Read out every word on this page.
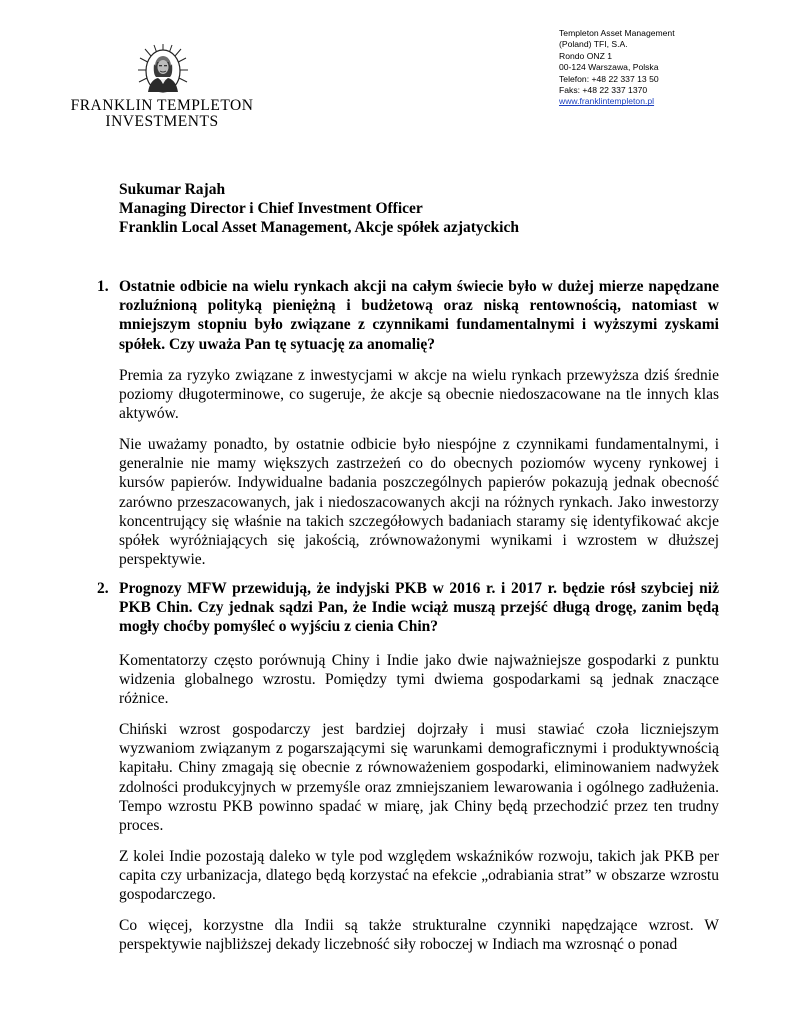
FRANKLIN TEMPLETON
INVESTMENTS
Templeton Asset Management
(Poland) TFI, S.A.
Rondo ONZ 1
00-124 Warszawa, Polska
Telefon: +48 22 337 13 50
Faks: +48 22 337 1370
www.franklintempleton.pl
Sukumar Rajah
Managing Director i Chief Investment Officer
Franklin Local Asset Management, Akcje spółek azjatyckich
1. Ostatnie odbicie na wielu rynkach akcji na całym świecie było w dużej mierze napędzane rozluźnioną polityką pieniężną i budżetową oraz niską rentownością, natomiast w mniejszym stopniu było związane z czynnikami fundamentalnymi i wyższymi zyskami spółek. Czy uważa Pan tę sytuację za anomalię?
Premia za ryzyko związane z inwestycjami w akcje na wielu rynkach przewyższa dziś średnie poziomy długoterminowe, co sugeruje, że akcje są obecnie niedoszacowane na tle innych klas aktywów.
Nie uważamy ponadto, by ostatnie odbicie było niespójne z czynnikami fundamentalnymi, i generalnie nie mamy większych zastrzeżeń co do obecnych poziomów wyceny rynkowej i kursów papierów. Indywidualne badania poszczególnych papierów pokazują jednak obecność zarówno przeszacowanych, jak i niedoszacowanych akcji na różnych rynkach. Jako inwestorzy koncentrujący się właśnie na takich szczegółowych badaniach staramy się identyfikować akcje spółek wyróżniających się jakością, zrównoważonymi wynikami i wzrostem w dłuższej perspektywie.
2. Prognozy MFW przewidują, że indyjski PKB w 2016 r. i 2017 r. będzie rósł szybciej niż PKB Chin. Czy jednak sądzi Pan, że Indie wciąż muszą przejść długą drogę, zanim będą mogły choćby pomyśleć o wyjściu z cienia Chin?
Komentatorzy często porównują Chiny i Indie jako dwie najważniejsze gospodarki z punktu widzenia globalnego wzrostu. Pomiędzy tymi dwiema gospodarkami są jednak znaczące różnice.
Chiński wzrost gospodarczy jest bardziej dojrzały i musi stawiać czoła liczniejszym wyzwaniom związanym z pogarszającymi się warunkami demograficznymi i produktywnością kapitału. Chiny zmagają się obecnie z równoważeniem gospodarki, eliminowaniem nadwyżek zdolności produkcyjnych w przemyśle oraz zmniejszaniem lewarowania i ogólnego zadłużenia. Tempo wzrostu PKB powinno spadać w miarę, jak Chiny będą przechodzić przez ten trudny proces.
Z kolei Indie pozostają daleko w tyle pod względem wskaźników rozwoju, takich jak PKB per capita czy urbanizacja, dlatego będą korzystać na efekcie „odrabiania strat” w obszarze wzrostu gospodarczego.
Co więcej, korzystne dla Indii są także strukturalne czynniki napędzające wzrost. W perspektywie najbliższej dekady liczebność siły roboczej w Indiach ma wzrosnąć o ponad
